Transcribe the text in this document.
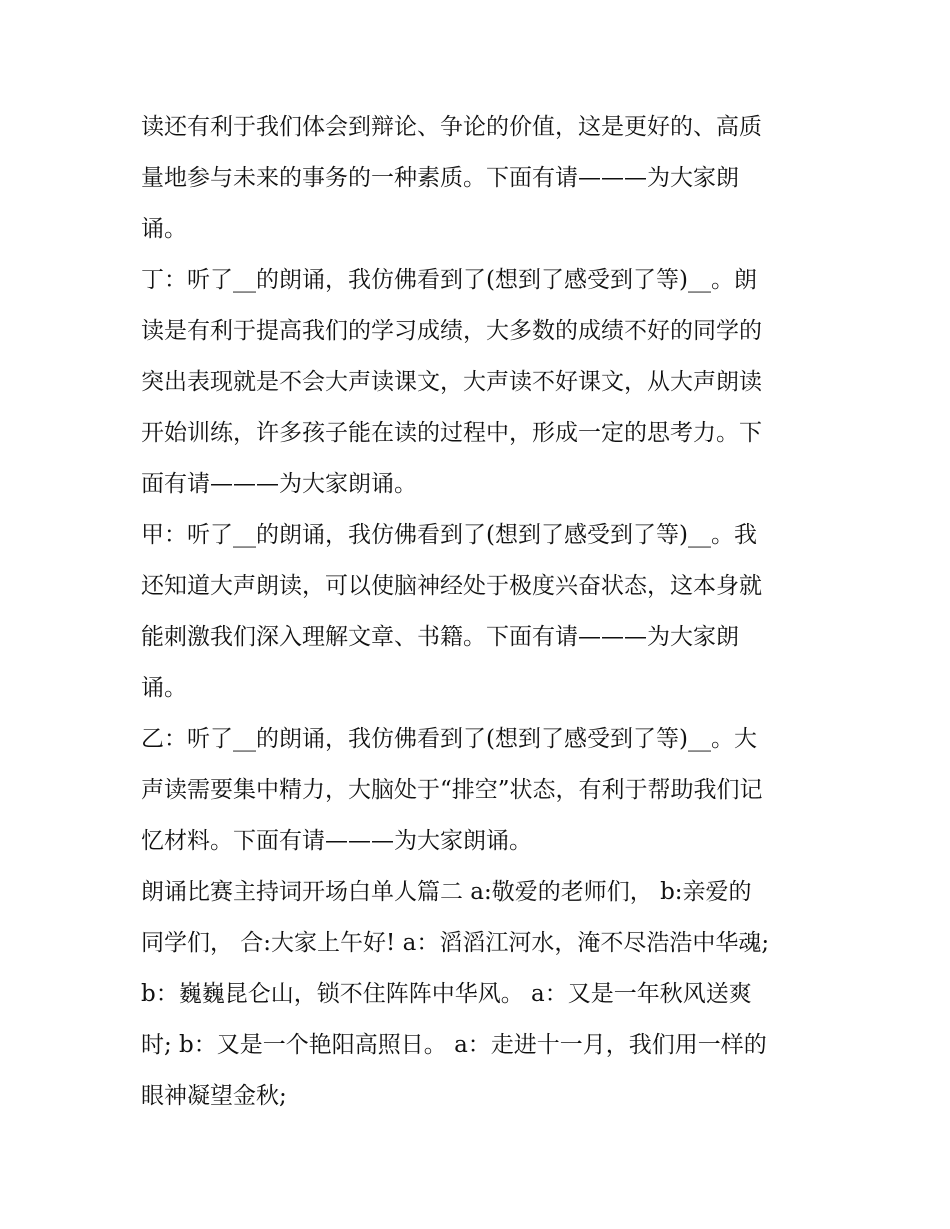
读还有利于我们体会到辩论、争论的价值，这是更好的、高质
量地参与未来的事务的一种素质。下面有请———为大家朗
诵。
丁：听了__的朗诵，我仿佛看到了(想到了感受到了等)__。朗
读是有利于提高我们的学习成绩，大多数的成绩不好的同学的
突出表现就是不会大声读课文，大声读不好课文，从大声朗读
开始训练，许多孩子能在读的过程中，形成一定的思考力。下
面有请———为大家朗诵。
甲：听了__的朗诵，我仿佛看到了(想到了感受到了等)__。我
还知道大声朗读，可以使脑神经处于极度兴奋状态，这本身就
能刺激我们深入理解文章、书籍。下面有请———为大家朗
诵。
乙：听了__的朗诵，我仿佛看到了(想到了感受到了等)__。大
声读需要集中精力，大脑处于“排空”状态，有利于帮助我们记
忆材料。下面有请———为大家朗诵。
朗诵比赛主持词开场白单人篇二 a:敬爱的老师们， b:亲爱的
同学们， 合:大家上午好! a：滔滔江河水，淹不尽浩浩中华魂;
b：巍巍昆仑山，锁不住阵阵中华风。 a：又是一年秋风送爽
时; b：又是一个艳阳高照日。 a：走进十一月，我们用一样的
眼神凝望金秋;
